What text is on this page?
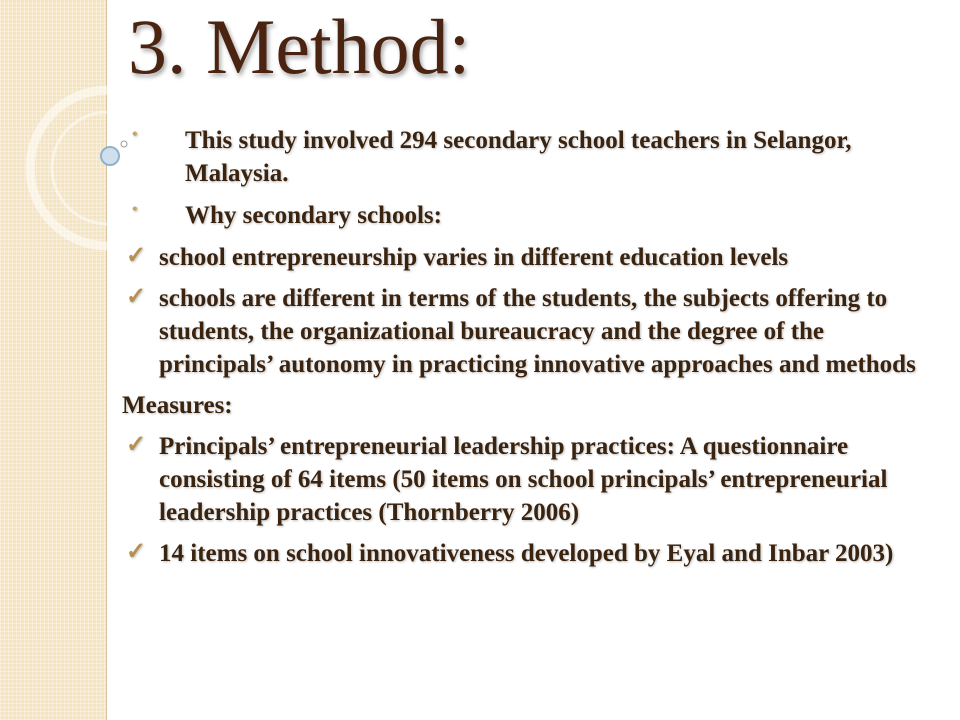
3. Method:
• This study involved 294 secondary school teachers in Selangor, Malaysia.
• Why secondary schools:
✓ school entrepreneurship varies in different education levels
✓ schools are different in terms of the students, the subjects offering to students, the organizational bureaucracy and the degree of the principals’ autonomy in practicing innovative approaches and methods
Measures:
✓ Principals’ entrepreneurial leadership practices: A questionnaire consisting of 64 items (50 items on school principals’ entrepreneurial leadership practices (Thornberry 2006)
✓ 14 items on school innovativeness developed by Eyal and Inbar 2003)
